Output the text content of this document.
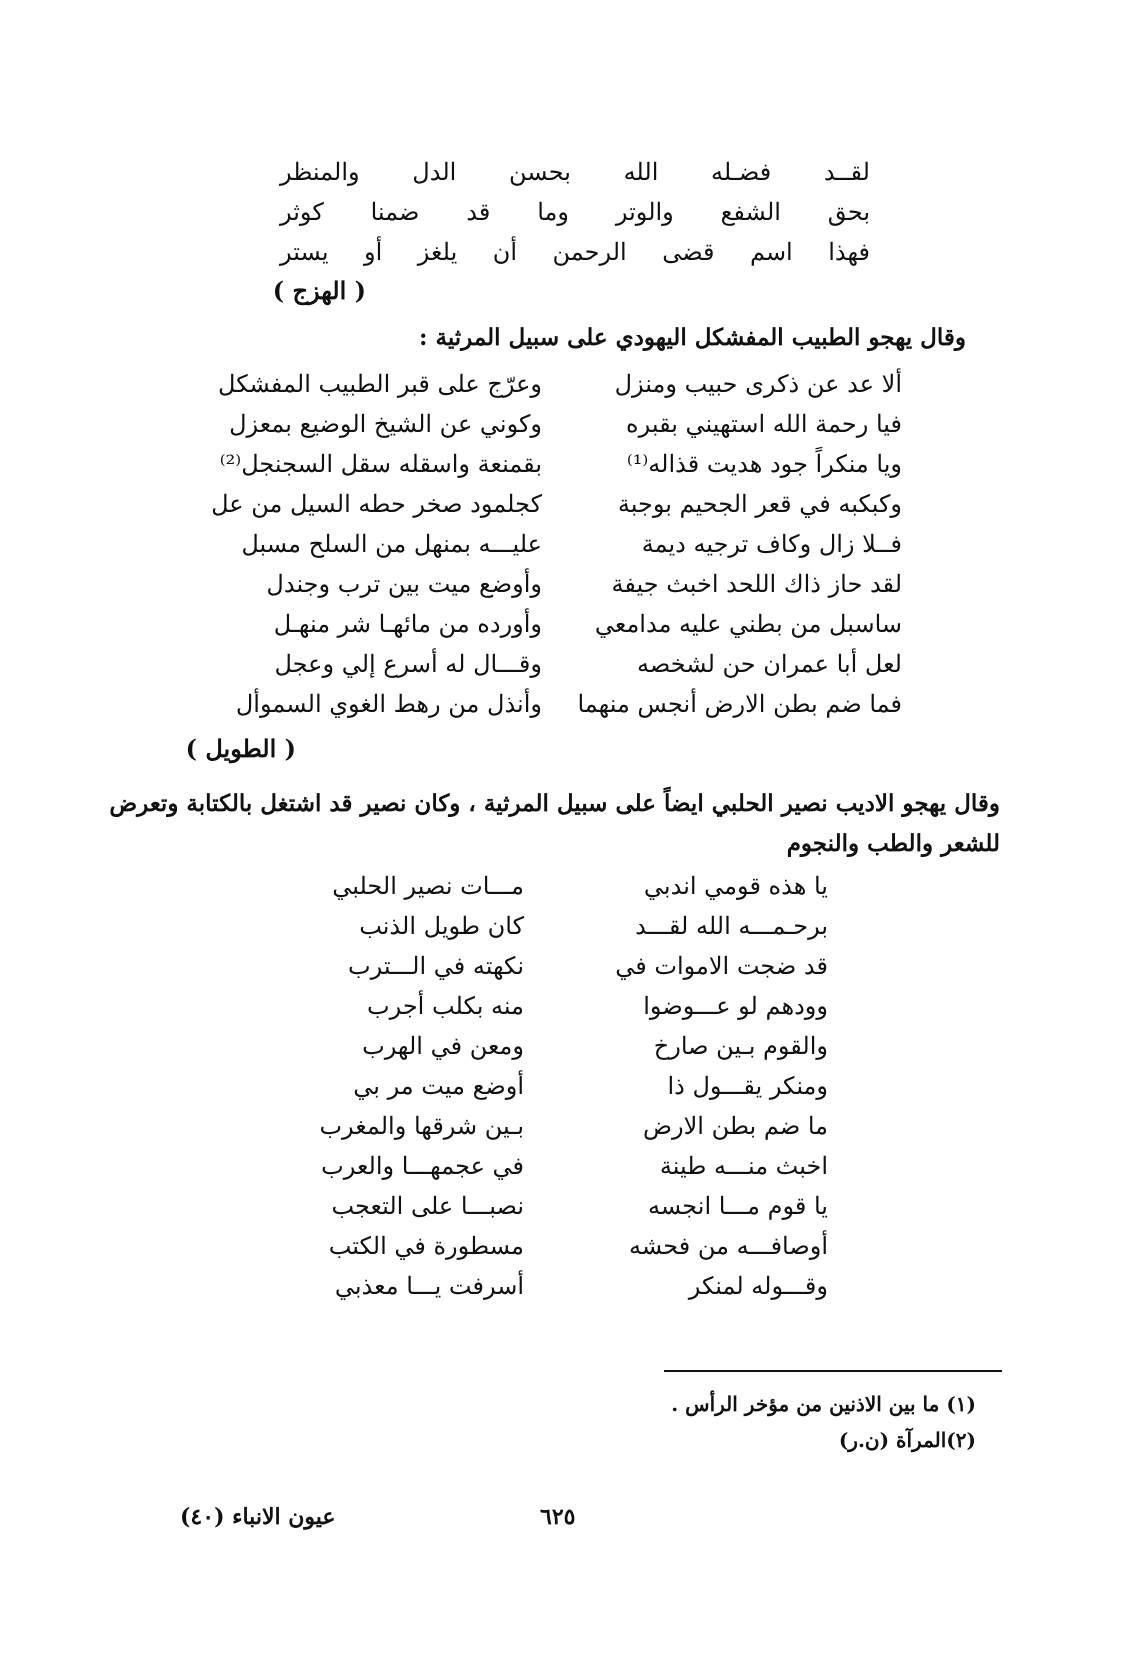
لقــد فضـله الله بحسن الدل والمنظر
بحق الشفع والوتر وما قد ضمنا كوثر
فهذا اسم قضى الرحمن أن يلغز أو يستر
( الهزج )
وقال يهجو الطبيب المفشكل اليهودي على سبيل المرثية :
ألا عد عن ذكرى حبيب ومنزل
وعرّج على قبر الطبيب المفشكل
فيا رحمة الله استهيني بقبره
وكوني عن الشيخ الوضيع بمعزل
ويا منكراً جود هديت قذاله⁽¹⁾
بقمنعة واسقله سقل السجنجل⁽²⁾
وكبكبه في قعر الجحيم بوجبة
كجلمود صخر حطه السيل من عل
فــلا زال وكاف ترجيه ديمة
عليـــه بمنهل من السلح مسبل
لقد حاز ذاك اللحد اخبث جيفة
وأوضع ميت بين ترب وجندل
ساسبل من بطني عليه مدامعي
وأورده من مائهـا شر منهـل
لعل أبا عمران حن لشخصه
وقـــال له أسرع إلي وعجل
فما ضم بطن الارض أنجس منهما
وأنذل من رهط الغوي السموأل
( الطويل )
وقال يهجو الاديب نصير الحلبي ايضاً على سبيل المرثية ، وكان نصير قد اشتغل بالكتابة وتعرض
للشعر والطب والنجوم
يا هذه قومي اندبي
مـــات نصير الحلبي
برحـمـــه الله لقـــد
كان طويل الذنب
قد ضجت الاموات في
نكهته في الـــترب
وودهم لو عـــوضوا
منه بكلب أجرب
والقوم بـين صارخ
ومعن في الهرب
ومنكر يقـــول ذا
أوضع ميت مر بي
ما ضم بطن الارض
بـين شرقها والمغرب
اخبث منـــه طينة
في عجمهـــا والعرب
يا قوم مـــا انجسه
نصبـــا على التعجب
أوصافـــه من فحشه
مسطورة في الكتب
وقـــوله لمنكر
أسرفت يـــا معذبي
(١) ما بين الاذنين من مؤخر الرأس .
(٢)المرآة (ن.ر)
٦٢٥
عيون الانباء (٤٠)
